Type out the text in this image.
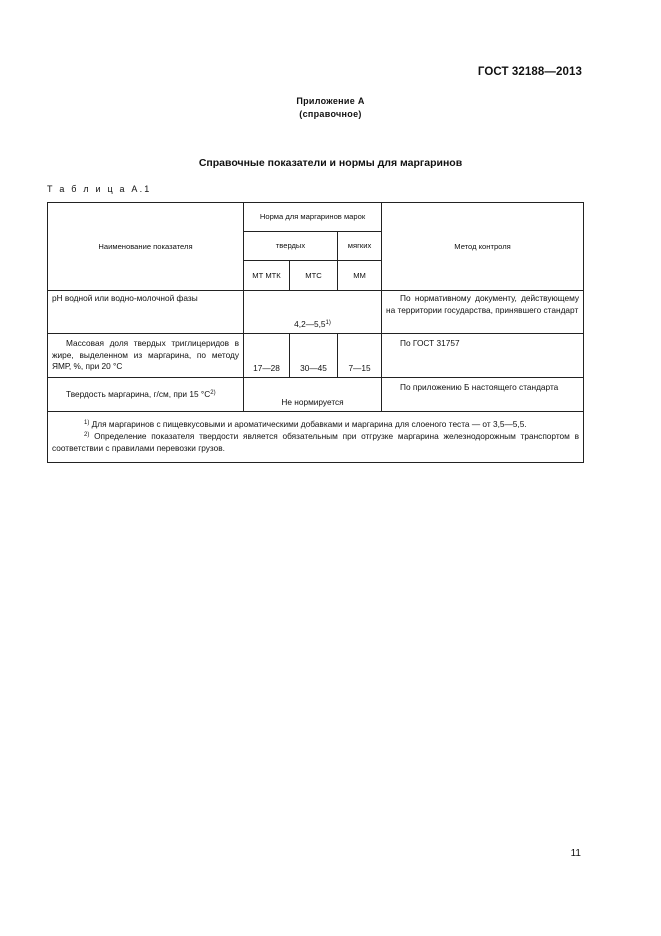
ГОСТ 32188—2013
Приложение А
(справочное)
Справочные показатели и нормы для маргаринов
Т а б л и ц а А.1
Наименование показателя	Норма для маргаринов марок			Метод контроля
	твердых		мягких	
	МТ МТК	МТС	ММ	
рН водной или водно-молочной фазы	4,2—5,5$^{1)}$			По нормативному документу, действующему на территории государства, принявшего стандарт
Массовая доля твердых триглицеридов в жире, выделенном из маргарина, по методу ЯМР, %, при 20 °С	17—28	30—45	7—15	По ГОСТ 31757
Твердость маргарина, г/см, при 15 $^\circ С^{2)}$	Не нормируется			По приложению Б настоящего стандарта

$^{1)}$ Для маргаринов с пищевкусовыми и ароматическими добавками и маргарина для слоеного теста — от 3,5—5,5.
$^{2)}$ Определение показателя твердости является обязательным при отгрузке маргарина железнодорожным транспортом в соответствии с правилами перевозки грузов.				
11
